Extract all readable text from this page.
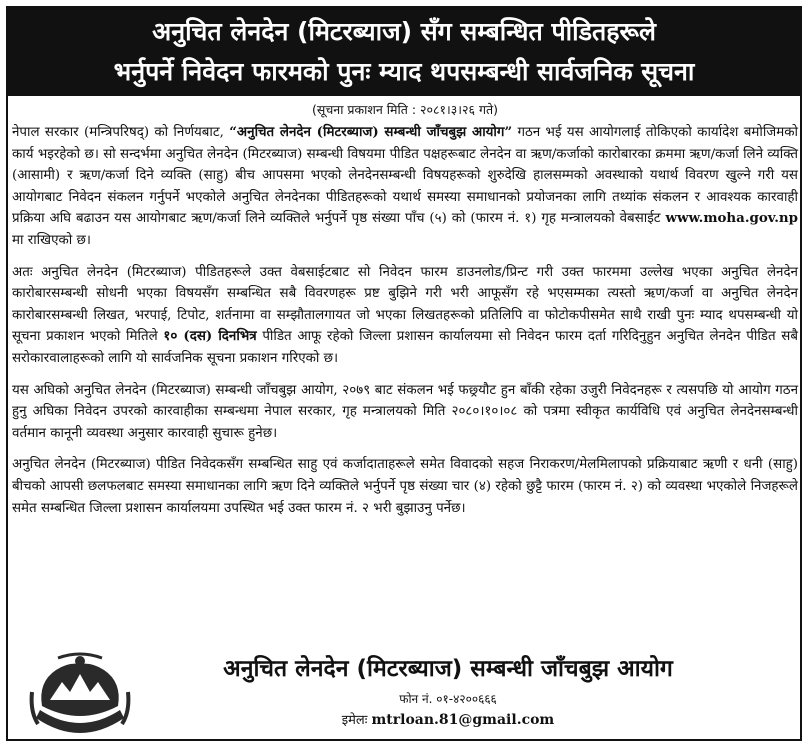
अनुचित लेनदेन (मिटरब्याज) सँग सम्बन्धित पीडितहरूले
भर्नुपर्ने निवेदन फारमको पुनः म्याद थपसम्बन्धी सार्वजनिक सूचना
(सूचना प्रकाशन मिति : २०८१।३।२६ गते)

नेपाल सरकार (मन्त्रिपरिषद्) को निर्णयबाट, “अनुचित लेनदेन (मिटरब्याज) सम्बन्धी जाँचबुझ आयोग” गठन भई यस आयोगलाई तोकिएको कार्यादेश बमोजिमको कार्य भइरहेको छ। सो सन्दर्भमा अनुचित लेनदेन (मिटरब्याज) सम्बन्धी विषयमा पीडित पक्षहरूबाट लेनदेन वा ऋण/कर्जाको कारोबारका क्रममा ऋण/कर्जा लिने व्यक्ति (आसामी) र ऋण/कर्जा दिने व्यक्ति (साहु) बीच आपसमा भएको लेनदेनसम्बन्धी विषयहरूको शुरुदेखि हालसम्मको अवस्थाको यथार्थ विवरण खुल्ने गरी यस आयोगबाट निवेदन संकलन गर्नुपर्ने भएकोले अनुचित लेनदेनका पीडितहरूको यथार्थ समस्या समाधानको प्रयोजनका लागि तथ्यांक संकलन र आवश्यक कारवाही प्रक्रिया अघि बढाउन यस आयोगबाट ऋण/कर्जा लिने व्यक्तिले भर्नुपर्ने पृष्ठ संख्या पाँच (५) को (फारम नं. १) गृह मन्त्रालयको वेबसाईट www.moha.gov.np मा राखिएको छ।

अतः अनुचित लेनदेन (मिटरब्याज) पीडितहरूले उक्त वेबसाईटबाट सो निवेदन फारम डाउनलोड/प्रिन्ट गरी उक्त फारममा उल्लेख भएका अनुचित लेनदेन कारोबारसम्बन्धी सोधनी भएका विषयसँग सम्बन्धित सबै विवरणहरू प्रष्ट बुझिने गरी भरी आफूसँग रहे भएसम्मका त्यस्तो ऋण/कर्जा वा अनुचित लेनदेन कारोबारसम्बन्धी लिखत, भरपाई, टिपोट, शर्तनामा वा सम्झौतालगायत जो भएका लिखतहरूको प्रतिलिपि वा फोटोकपीसमेत साथै राखी पुनः म्याद थपसम्बन्धी यो सूचना प्रकाशन भएको मितिले १० (दस) दिनभित्र पीडित आफू रहेको जिल्ला प्रशासन कार्यालयमा सो निवेदन फारम दर्ता गरिदिनुहुन अनुचित लेनदेन पीडित सबै सरोकारवालाहरूको लागि यो सार्वजनिक सूचना प्रकाशन गरिएको छ।

यस अघिको अनुचित लेनदेन (मिटरब्याज) सम्बन्धी जाँचबुझ आयोग, २०७९ बाट संकलन भई फछ्र्यौट हुन बाँकी रहेका उजुरी निवेदनहरू र त्यसपछि यो आयोग गठन हुनु अघिका निवेदन उपरको कारवाहीका सम्बन्धमा नेपाल सरकार, गृह मन्त्रालयको मिति २०८०।१०।०८ को पत्रमा स्वीकृत कार्यविधि एवं अनुचित लेनदेनसम्बन्धी वर्तमान कानूनी व्यवस्था अनुसार कारवाही सुचारू हुनेछ।

अनुचित लेनदेन (मिटरब्याज) पीडित निवेदकसँग सम्बन्धित साहु एवं कर्जादाताहरूले समेत विवादको सहज निराकरण/मेलमिलापको प्रक्रियाबाट ऋणी र धनी (साहु) बीचको आपसी छलफलबाट समस्या समाधानका लागि ऋण दिने व्यक्तिले भर्नुपर्ने पृष्ठ संख्या चार (४) रहेको छुट्टै फारम (फारम नं. २) को व्यवस्था भएकोले निजहरूले समेत सम्बन्धित जिल्ला प्रशासन कार्यालयमा उपस्थित भई उक्त फारम नं. २ भरी बुझाउनु पर्नेछ।

अनुचित लेनदेन (मिटरब्याज) सम्बन्धी जाँचबुझ आयोग
फोन नं. ०१-४२००६६६
इमेलः mtrloan.81@gmail.com
